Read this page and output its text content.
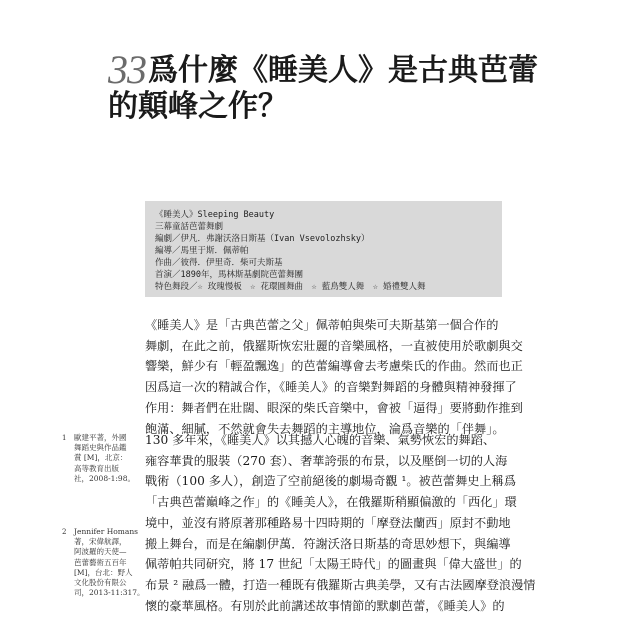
33 爲什麼《睡美人》是古典芭蕾
的顛峰之作？
《睡美人》Sleeping Beauty
三幕童話芭蕾舞劇
編劇／伊凡．弗謝沃洛日斯基（Ivan Vsevolozhsky）
編導／馬里于斯．佩蒂帕
作曲／彼得．伊里奇．柴可夫斯基
首演／1890年，馬林斯基劇院芭蕾舞團
特色舞段／☆ 玫瑰慢板　☆ 花環圓舞曲　☆ 藍鳥雙人舞　☆ 婚禮雙人舞
《睡美人》是「古典芭蕾之父」佩蒂帕與柴可夫斯基第一個合作的
舞劇，在此之前，俄羅斯恢宏壯麗的音樂風格，一直被使用於歌劇與交
響樂，鮮少有「輕盈飄逸」的芭蕾編導會去考慮柴氏的作曲。然而也正
因爲這一次的精誠合作，《睡美人》的音樂對舞蹈的身體與精神發揮了
作用：舞者們在壯闊、眼深的柴氏音樂中，會被「逼得」要將動作推到
飽滿、細膩，不然就會失去舞蹈的主導地位，淪爲音樂的「伴舞」。
130 多年來，《睡美人》以其撼人心魄的音樂、氣勢恢宏的舞蹈、
雍容華貴的服裝（270 套）、奢華誇張的布景，以及壓倒一切的人海
戰術（100 多人），創造了空前絕後的劇場奇觀 ¹。被芭蕾舞史上稱爲
「古典芭蕾巔峰之作」的《睡美人》，在俄羅斯稍顯偏激的「西化」環
境中，並沒有將原著那種路易十四時期的「摩登法蘭西」原封不動地
搬上舞台，而是在編劇伊萬．符謝沃洛日斯基的奇思妙想下，與編導
佩蒂帕共同研究，將 17 世紀「太陽王時代」的圖畫與「偉大盛世」的
布景 ² 融爲一體，打造一種既有俄羅斯古典美學，又有古法國摩登浪漫情
懷的豪華風格。有別於此前講述故事情節的默劇芭蕾，《睡美人》的
1 歐建平著，外國
舞蹈史與作品鑑
賞 [M]，北京：
高等教育出版
社，2008-1:98。
2 Jennifer Homans
著，宋偉航譯，
阿波羅的天使—
芭蕾藝術五百年
[M]，台北：野人
文化股份有限公
司，2013-11:317。
